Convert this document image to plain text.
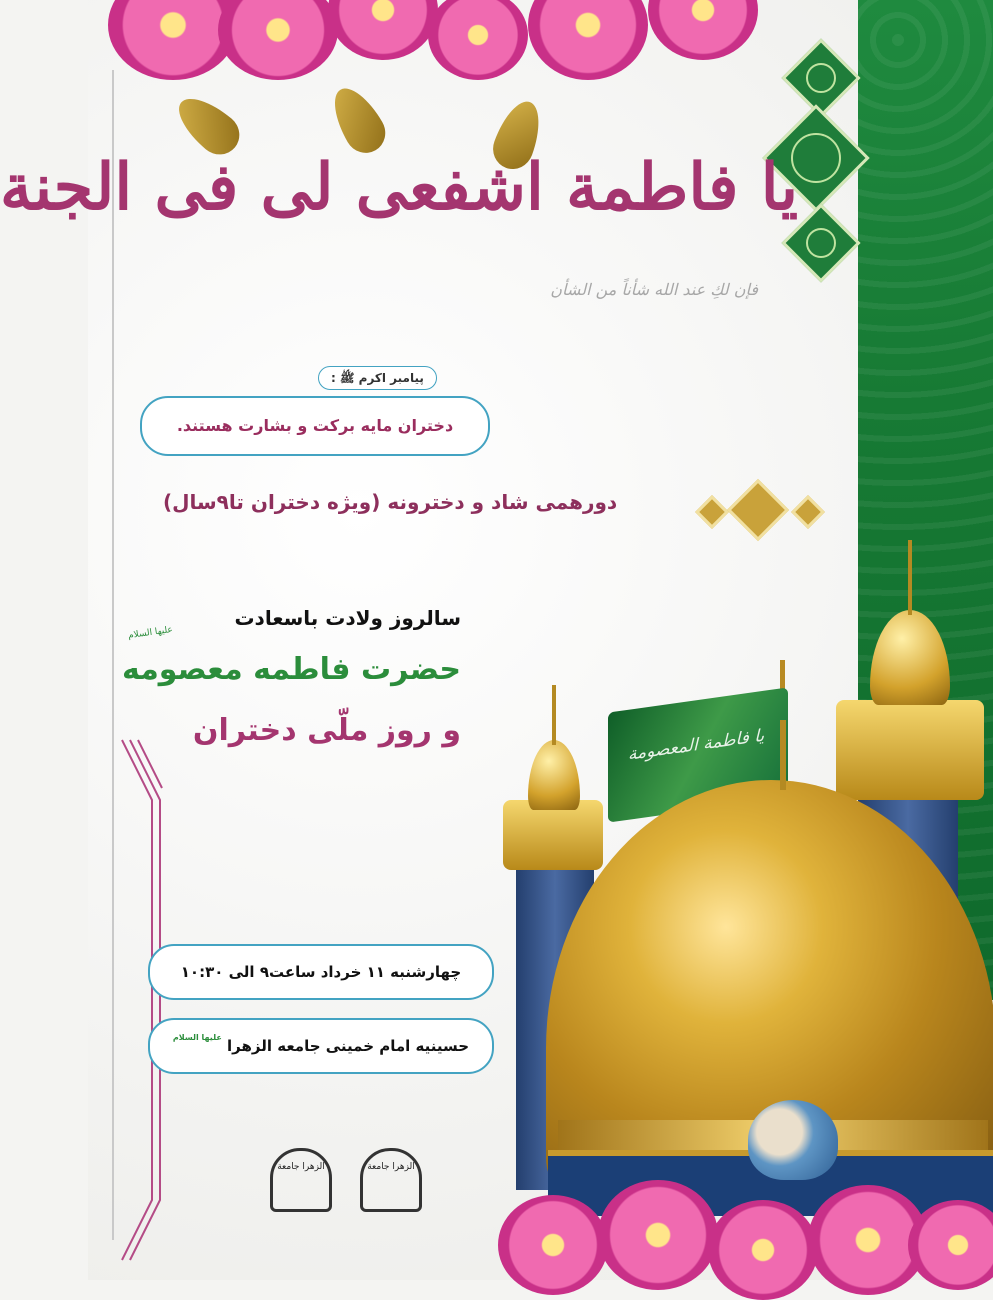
یا فاطمة اشفعی لی فی الجنة
فإن لكِ عند الله شأناً من الشأن
پیامبر اکرم ﷺ :
دختران مایه برکت و بشارت هستند.
دورهمی شاد و دخترونه (ویژه دختران تا۹سال)
سالروز ولادت باسعادت
علیها السلام
حضرت فاطمه معصومه
و روز ملّی دختران	یا فاطمة المعصومة
چهارشنبه ۱۱ خرداد ساعت۹ الی ۱۰:۳۰
حسینیه امام خمینی جامعه الزهرا علیها السلام
الزهرا جامعة
الزهرا جامعة
